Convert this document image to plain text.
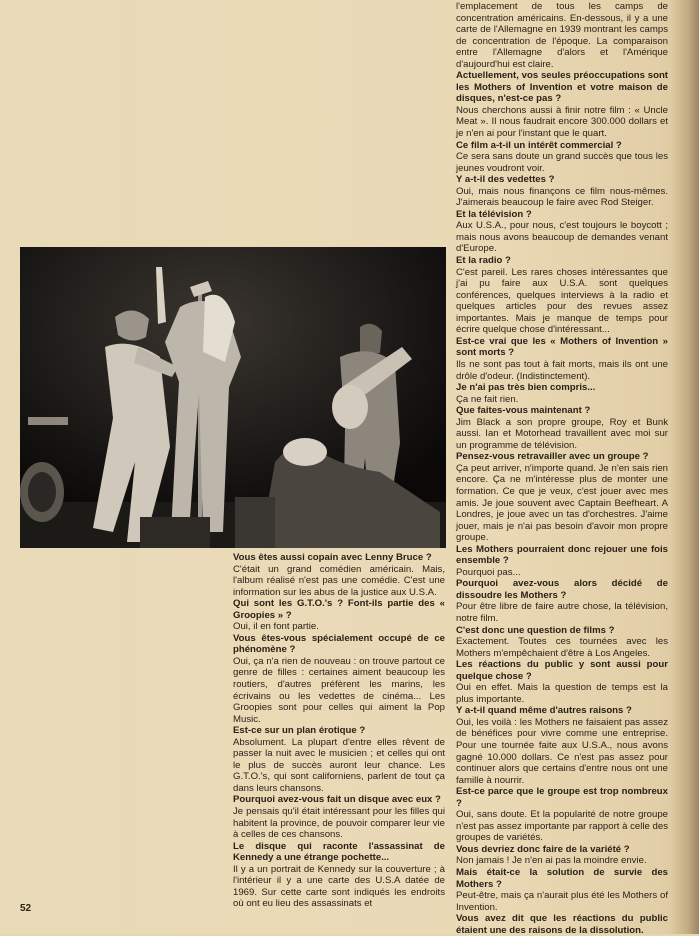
Vous êtes aussi copain avec Lenny Bruce ?

C'était un grand comédien américain. Mais, l'album réalisé n'est pas une comédie. C'est une information sur les abus de la justice aux U.S.A.

Qui sont les G.T.O.'s ? Font-ils partie des « Groopies » ?

Oui, il en font partie.

Vous êtes-vous spécialement occupé de ce phénomène ?

Oui, ça n'a rien de nouveau : on trouve partout ce genre de filles : certaines aiment beaucoup les routiers, d'autres préfèrent les marins, les écrivains ou les vedettes de cinéma... Les Groopies sont pour celles qui aiment la Pop Music.

Est-ce sur un plan érotique ?

Absolument. La plupart d'entre elles rêvent de passer la nuit avec le musicien ; et celles qui ont le plus de succès auront leur chance. Les G.T.O.'s, qui sont californiens, parlent de tout ça dans leurs chansons.

Pourquoi avez-vous fait un disque avec eux ?

Je pensais qu'il était intéressant pour les filles qui habitent la province, de pouvoir comparer leur vie à celles de ces chansons.

Le disque qui raconte l'assassinat de Kennedy a une étrange pochette...

Il y a un portrait de Kennedy sur la couverture ; à l'intérieur il y a une carte des U.S.A datée de 1969. Sur cette carte sont indiqués les endroits où ont eu lieu des assassinats et

l'emplacement de tous les camps de concentration américains. En-dessous, il y a une carte de l'Allemagne en 1939 montrant les camps de concentration de l'époque. La comparaison entre l'Allemagne d'alors et l'Amérique d'aujourd'hui est claire.

Actuellement, vos seules préoccupations sont les Mothers of Invention et votre maison de disques, n'est-ce pas ?

Nous cherchons aussi à finir notre film : « Uncle Meat ». Il nous faudrait encore 300.000 dollars et je n'en ai pour l'instant que le quart.

Ce film a-t-il un intérêt commercial ?

Ce sera sans doute un grand succès que tous les jeunes voudront voir.

Y a-t-il des vedettes ?

Oui, mais nous finançons ce film nous-mêmes. J'aimerais beaucoup le faire avec Rod Steiger.

Et la télévision ?

Aux U.S.A., pour nous, c'est toujours le boycott ; mais nous avons beaucoup de demandes venant d'Europe.

Et la radio ?

C'est pareil. Les rares choses intéressantes que j'ai pu faire aux U.S.A. sont quelques conférences, quelques interviews à la radio et quelques articles pour des revues assez importantes. Mais je manque de temps pour écrire quelque chose d'intéressant...

Est-ce vrai que les « Mothers of Invention » sont morts ?

Ils ne sont pas tout à fait morts, mais ils ont une drôle d'odeur. (Indistinctement).

Je n'ai pas très bien compris...

Ça ne fait rien.

Que faites-vous maintenant ?

Jim Black a son propre groupe, Roy et Bunk aussi. Ian et Motorhead travaillent avec moi sur un programme de télévision.

Pensez-vous retravailler avec un groupe ?

Ça peut arriver, n'importe quand. Je n'en sais rien encore. Ça ne m'intéresse plus de monter une formation. Ce que je veux, c'est jouer avec mes amis. Je joue souvent avec Captain Beefheart. A Londres, je joue avec un tas d'orchestres. J'aime jouer, mais je n'ai pas besoin d'avoir mon propre groupe.

Les Mothers pourraient donc rejouer une fois ensemble ?

Pourquoi pas...

Pourquoi avez-vous alors décidé de dissoudre les Mothers ?

Pour être libre de faire autre chose, la télévision, notre film.

C'est donc une question de films ?

Exactement. Toutes ces tournées avec les Mothers m'empêchaient d'être à Los Angeles.

Les réactions du public y sont aussi pour quelque chose ?

Oui en effet. Mais la question de temps est la plus importante.

Y a-t-il quand même d'autres raisons ?

Oui, les voilà : les Mothers ne faisaient pas assez de bénéfices pour vivre comme une entreprise. Pour une tournée faite aux U.S.A., nous avons gagné 10.000 dollars. Ce n'est pas assez pour continuer alors que certains d'entre nous ont une famille à nourrir.

Est-ce parce que le groupe est trop nombreux ?

Oui, sans doute. Et la popularité de notre groupe n'est pas assez importante par rapport à celle des groupes de variétés.

Vous devriez donc faire de la variété ?

Non jamais ! Je n'en ai pas la moindre envie.

Mais était-ce la solution de survie des Mothers ?

Peut-être, mais ça n'aurait plus été les Mothers of Invention.

Vous avez dit que les réactions du public étaient une des raisons de la dissolution.

52
